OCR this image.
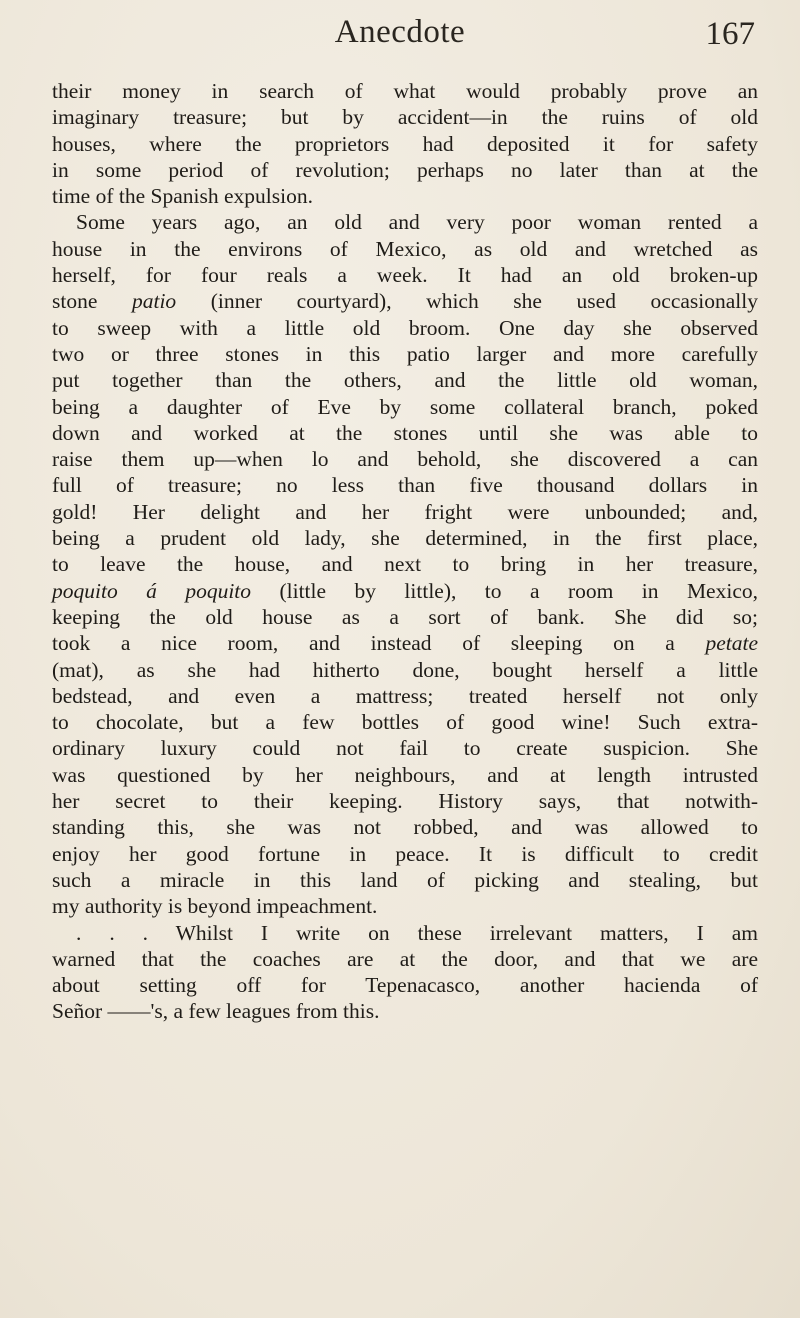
Anecdote	167
their money in search of what would probably prove an
imaginary treasure; but by accident—in the ruins of old
houses, where the proprietors had deposited it for safety
in some period of revolution; perhaps no later than at the
time of the Spanish expulsion.
Some years ago, an old and very poor woman rented a
house in the environs of Mexico, as old and wretched as
herself, for four reals a week. It had an old broken-up
stone patio (inner courtyard), which she used occasionally
to sweep with a little old broom. One day she observed
two or three stones in this patio larger and more carefully
put together than the others, and the little old woman,
being a daughter of Eve by some collateral branch, poked
down and worked at the stones until she was able to
raise them up—when lo and behold, she discovered a can
full of treasure; no less than five thousand dollars in
gold! Her delight and her fright were unbounded; and,
being a prudent old lady, she determined, in the first place,
to leave the house, and next to bring in her treasure,
poquito á poquito (little by little), to a room in Mexico,
keeping the old house as a sort of bank. She did so;
took a nice room, and instead of sleeping on a petate
(mat), as she had hitherto done, bought herself a little
bedstead, and even a mattress; treated herself not only
to chocolate, but a few bottles of good wine! Such extra-
ordinary luxury could not fail to create suspicion. She
was questioned by her neighbours, and at length intrusted
her secret to their keeping. History says, that notwith-
standing this, she was not robbed, and was allowed to
enjoy her good fortune in peace. It is difficult to credit
such a miracle in this land of picking and stealing, but
my authority is beyond impeachment.
. . . Whilst I write on these irrelevant matters, I am
warned that the coaches are at the door, and that we are
about setting off for Tepenacasco, another hacienda of
Señor ——'s, a few leagues from this.
